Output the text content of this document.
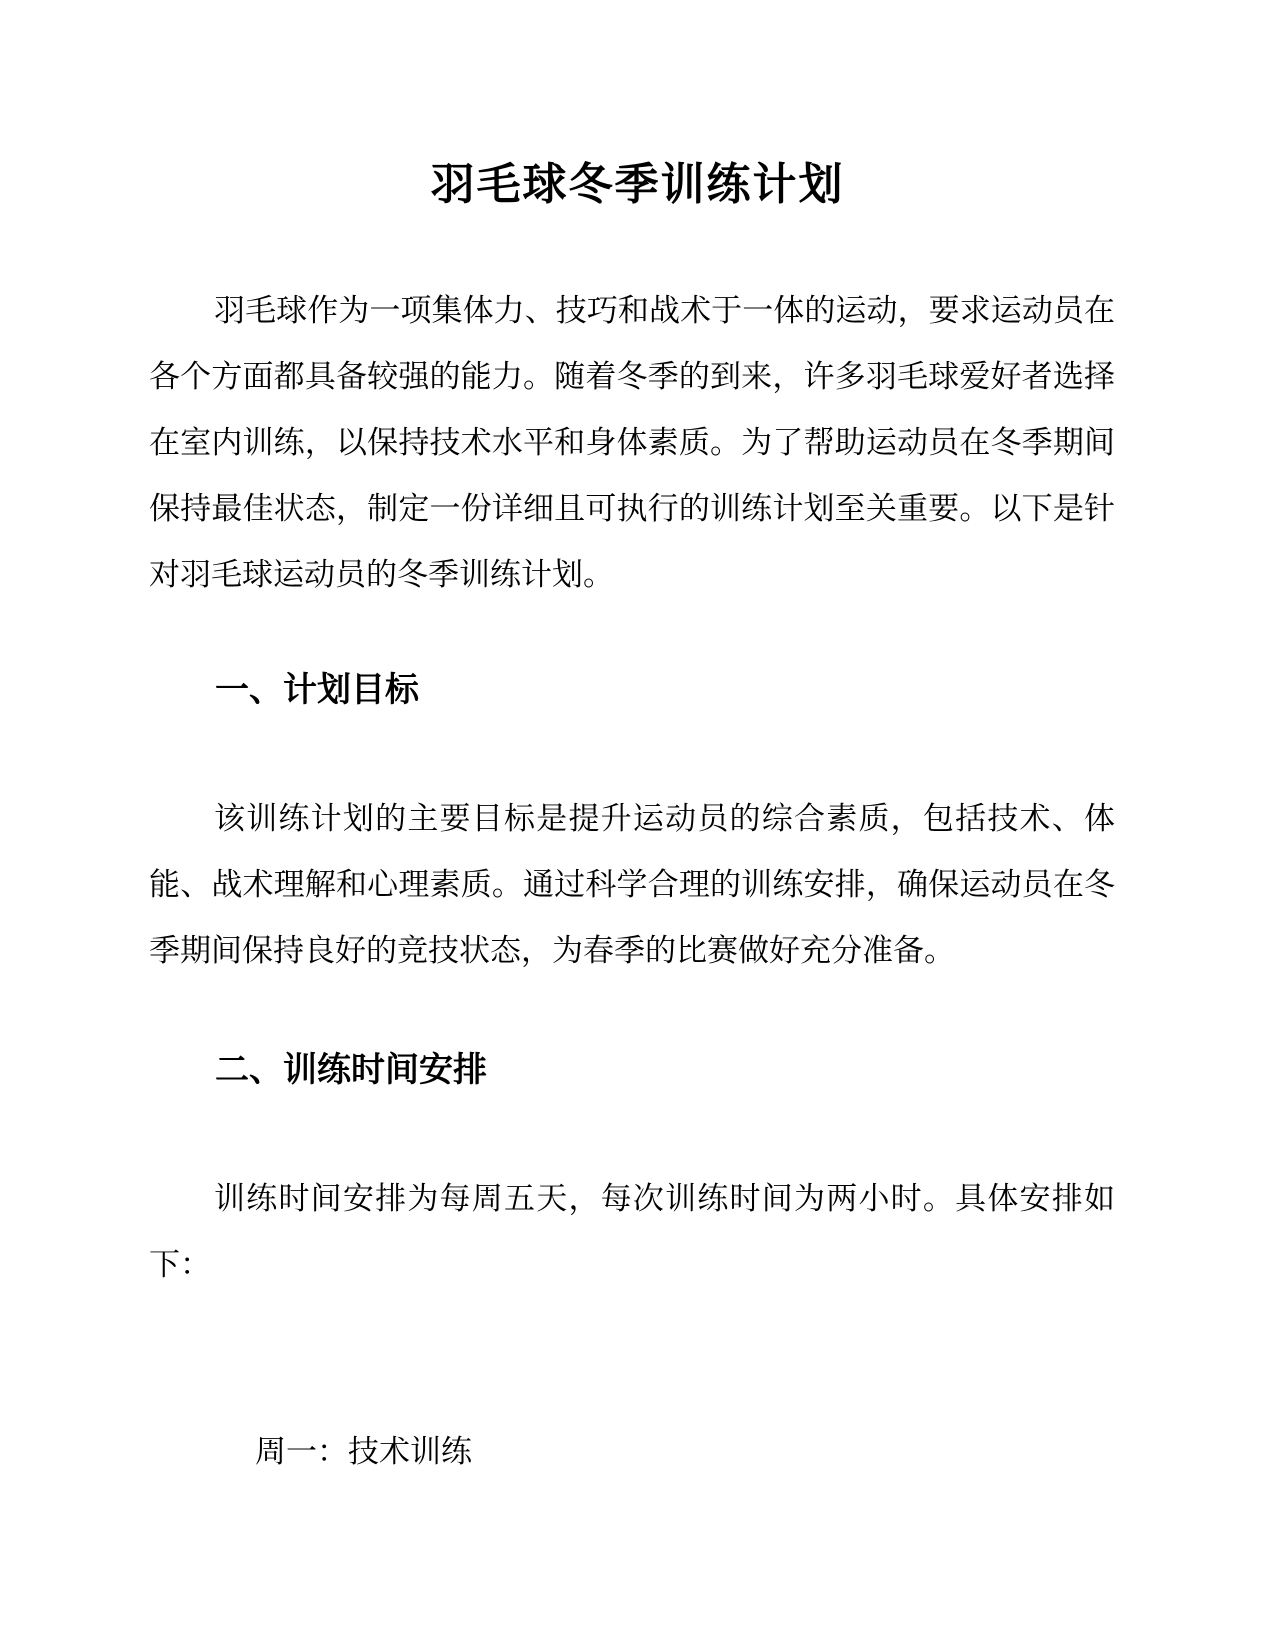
羽毛球冬季训练计划

羽毛球作为一项集体力、技巧和战术于一体的运动，要求运动员在各个方面都具备较强的能力。随着冬季的到来，许多羽毛球爱好者选择在室内训练，以保持技术水平和身体素质。为了帮助运动员在冬季期间保持最佳状态，制定一份详细且可执行的训练计划至关重要。以下是针对羽毛球运动员的冬季训练计划。

一、计划目标

该训练计划的主要目标是提升运动员的综合素质，包括技术、体能、战术理解和心理素质。通过科学合理的训练安排，确保运动员在冬季期间保持良好的竞技状态，为春季的比赛做好充分准备。

二、训练时间安排

训练时间安排为每周五天，每次训练时间为两小时。具体安排如下：

周一：技术训练
